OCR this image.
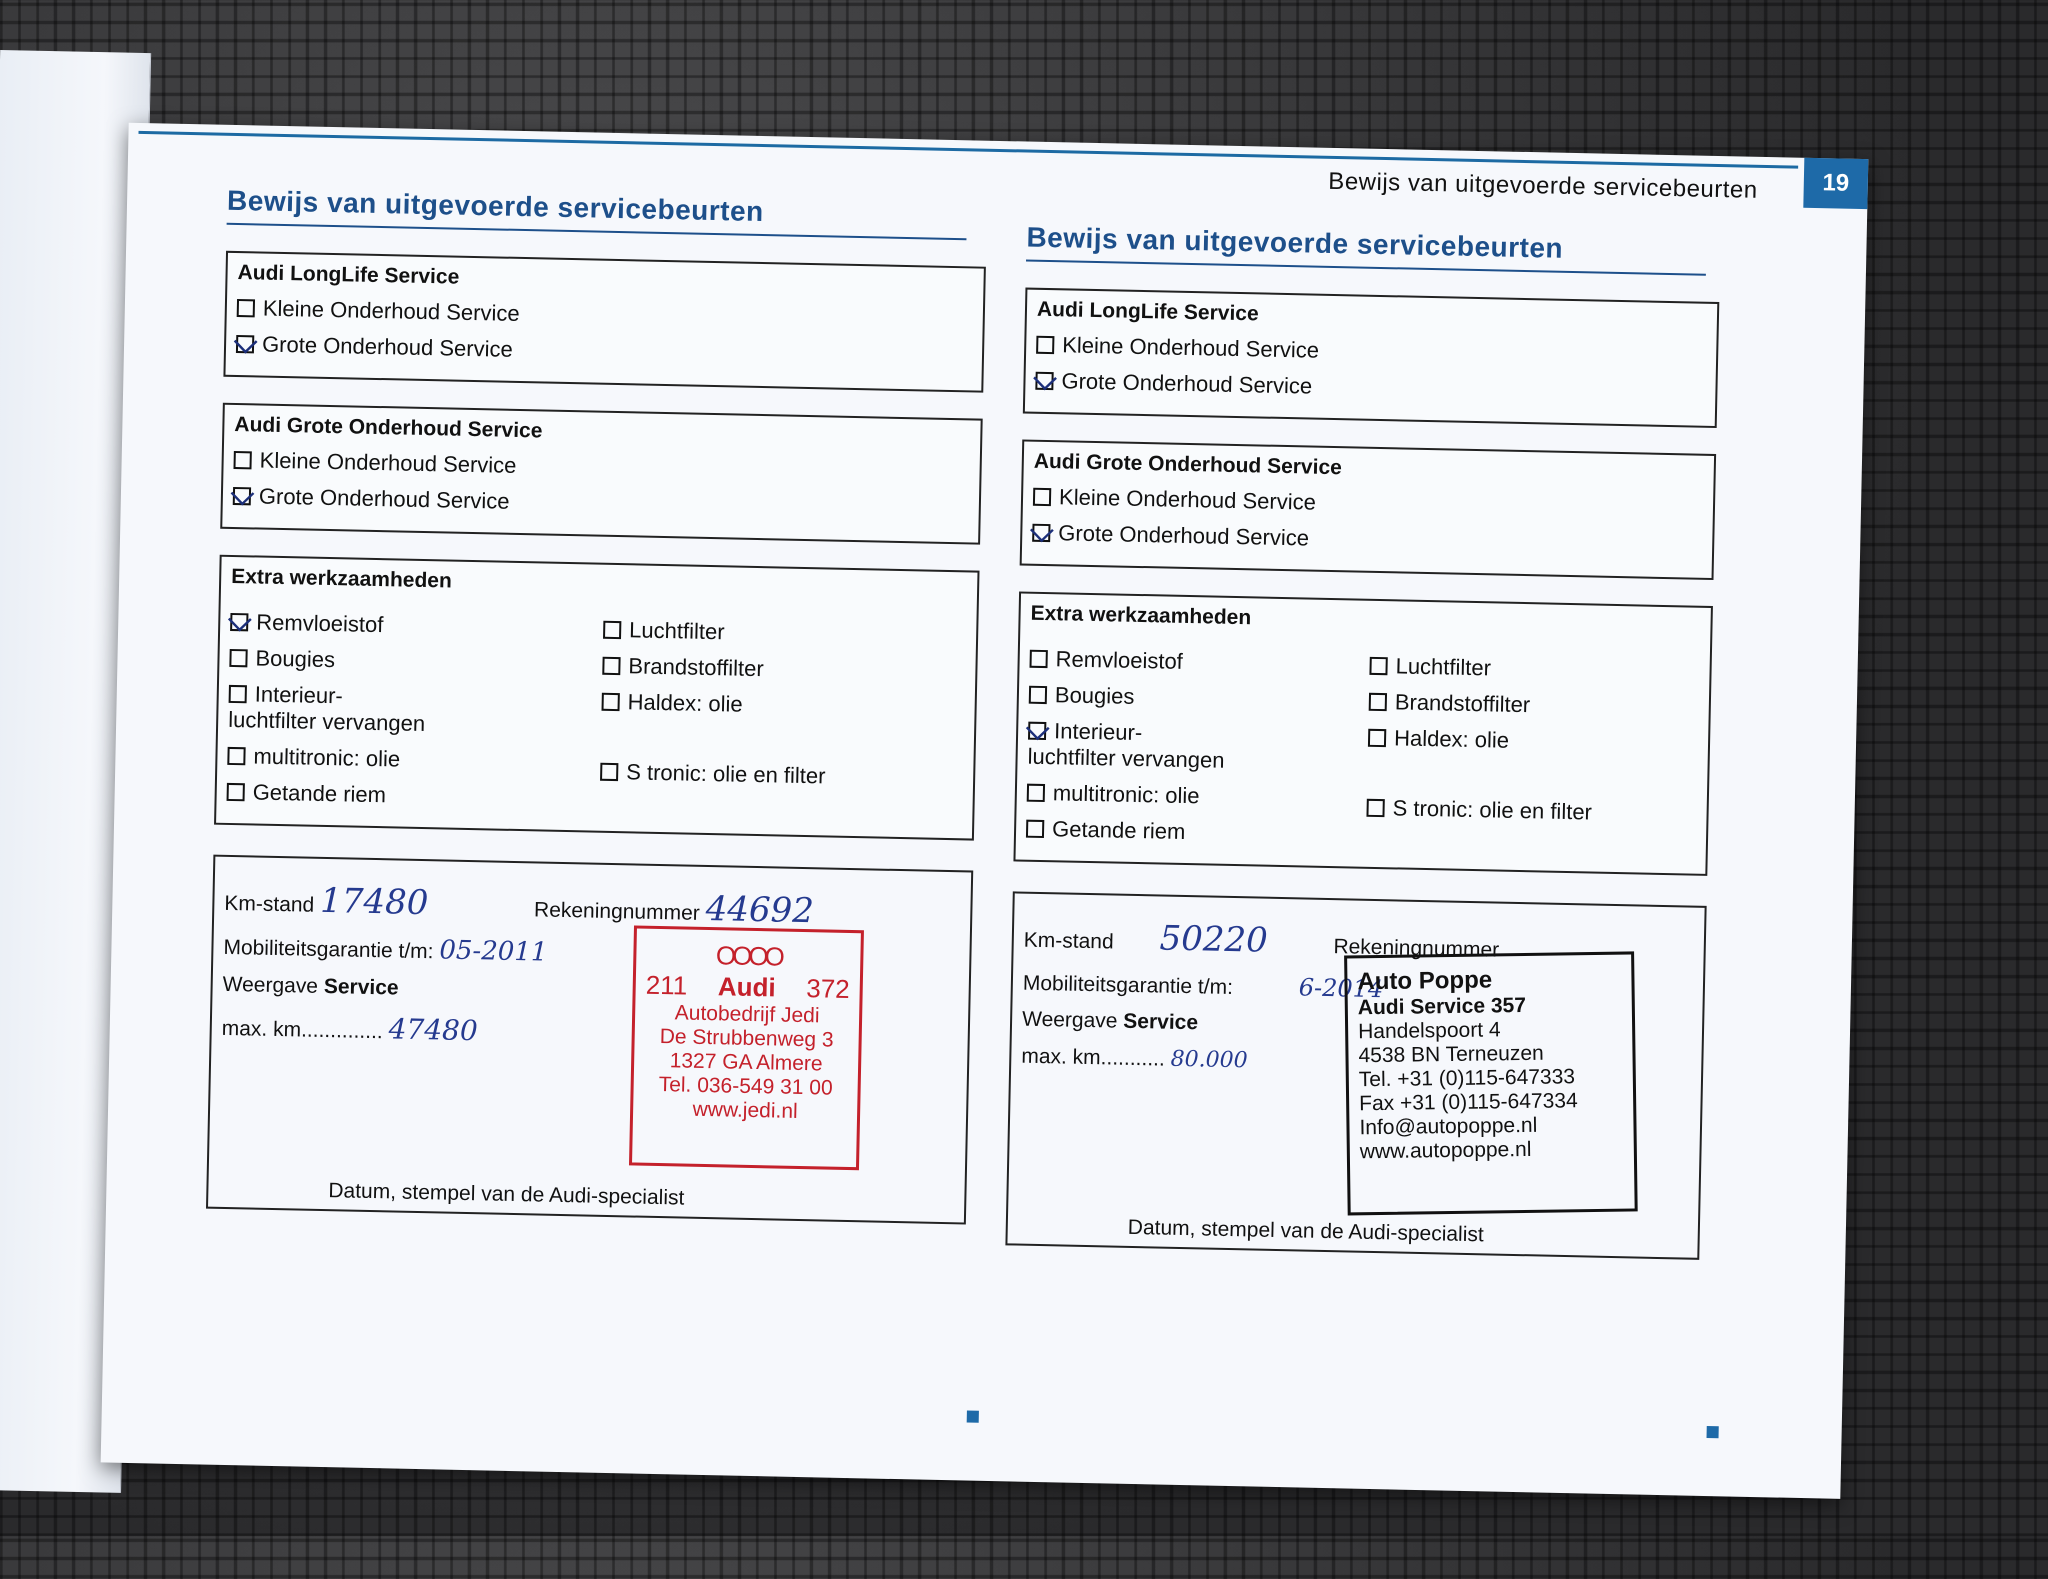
Bewijs van uitgevoerde servicebeurten	19
Bewijs van uitgevoerde servicebeurten
Audi LongLife Service
Kleine Onderhoud Service
Grote Onderhoud Service
Audi Grote Onderhoud Service
Kleine Onderhoud Service
Grote Onderhoud Service
Extra werkzaamheden
Remvloeistof
Bougies
Interieur-
luchtfilter vervangen
multitronic: olie
Getande riem
Luchtfilter
Brandstoffilter
Haldex: olie
S tronic: olie en filter
Km-stand 17480	Rekeningnummer 44692
Mobiliteitsgarantie t/m: 05-2011
Weergave Service
max. km.............. 47480
OOOO
211 Audi 372
Autobedrijf Jedi
De Strubbenweg 3
1327 GA Almere
Tel. 036-549 31 00
www.jedi.nl
Datum, stempel van de Audi-specialist
Bewijs van uitgevoerde servicebeurten
Audi LongLife Service
Kleine Onderhoud Service
Grote Onderhoud Service
Audi Grote Onderhoud Service
Kleine Onderhoud Service
Grote Onderhoud Service
Extra werkzaamheden
Remvloeistof
Bougies
Interieur-
luchtfilter vervangen
multitronic: olie
Getande riem
Luchtfilter
Brandstoffilter
Haldex: olie
S tronic: olie en filter
Km-stand 50220	Rekeningnummer
Mobiliteitsgarantie t/m:	6-2014
Weergave Service
max. km........... 80.000
Auto Poppe
Audi Service 357
Handelspoort 4
4538 BN Terneuzen
Tel. +31 (0)115-647333
Fax +31 (0)115-647334
Info@autopoppe.nl
www.autopoppe.nl
Datum, stempel van de Audi-specialist
